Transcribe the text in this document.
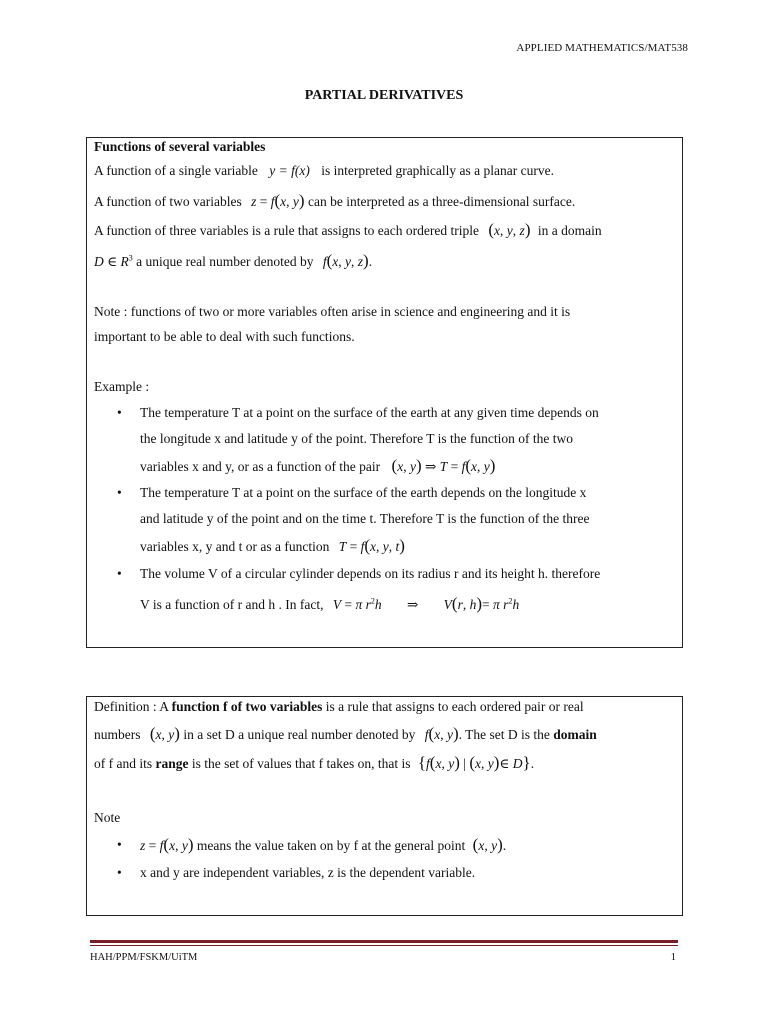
APPLIED MATHEMATICS/MAT538
PARTIAL DERIVATIVES
Functions of several variables
A function of a single variable y = f(x) is interpreted graphically as a planar curve.
A function of two variables z = f(x, y) can be interpreted as a three-dimensional surface.
A function of three variables is a rule that assigns to each ordered triple (x, y, z) in a domain
D ∈ $R^3$ a unique real number denoted by f(x, y, z).
Note : functions of two or more variables often arise in science and engineering and it is
important to be able to deal with such functions.
Example :
• The temperature T at a point on the surface of the earth at any given time depends on
the longitude x and latitude y of the point. Therefore T is the function of the two
variables x and y, or as a function of the pair (x, y) ⇒ T = f(x, y)
• The temperature T at a point on the surface of the earth depends on the longitude x
and latitude y of the point and on the time t. Therefore T is the function of the three
variables x, y and t or as a function T = f(x, y, t)
• The volume V of a circular cylinder depends on its radius r and its height h. therefore
V is a function of r and h . In fact, V = π $r^2h$ ⇒ V(r, h)= π $r^2h$
Definition : A function f of two variables is a rule that assigns to each ordered pair or real
numbers (x, y) in a set D a unique real number denoted by f(x, y). The set D is the domain
of f and its range is the set of values that f takes on, that is {f(x, y) | (x, y)∈ D}.
Note
• z = f(x, y) means the value taken on by f at the general point (x, y).
• x and y are independent variables, z is the dependent variable.
HAH/PPM/FSKM/UiTM	1
